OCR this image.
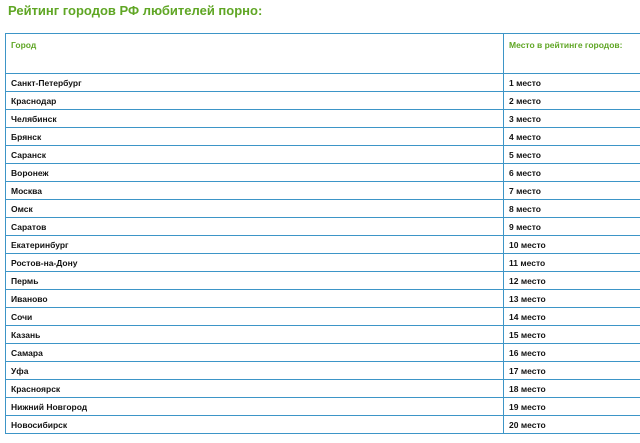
Рейтинг городов РФ любителей порно:
Город	Место в рейтинге городов:
Санкт-Петербург	1 место
Краснодар	2 место
Челябинск	3 место
Брянск	4 место
Саранск	5 место
Воронеж	6 место
Москва	7 место
Омск	8 место
Саратов	9 место
Екатеринбург	10 место
Ростов-на-Дону	11 место
Пермь	12 место
Иваново	13 место
Сочи	14 место
Казань	15 место
Самара	16 место
Уфа	17 место
Красноярск	18 место
Нижний Новгород	19 место
Новосибирск	20 место
